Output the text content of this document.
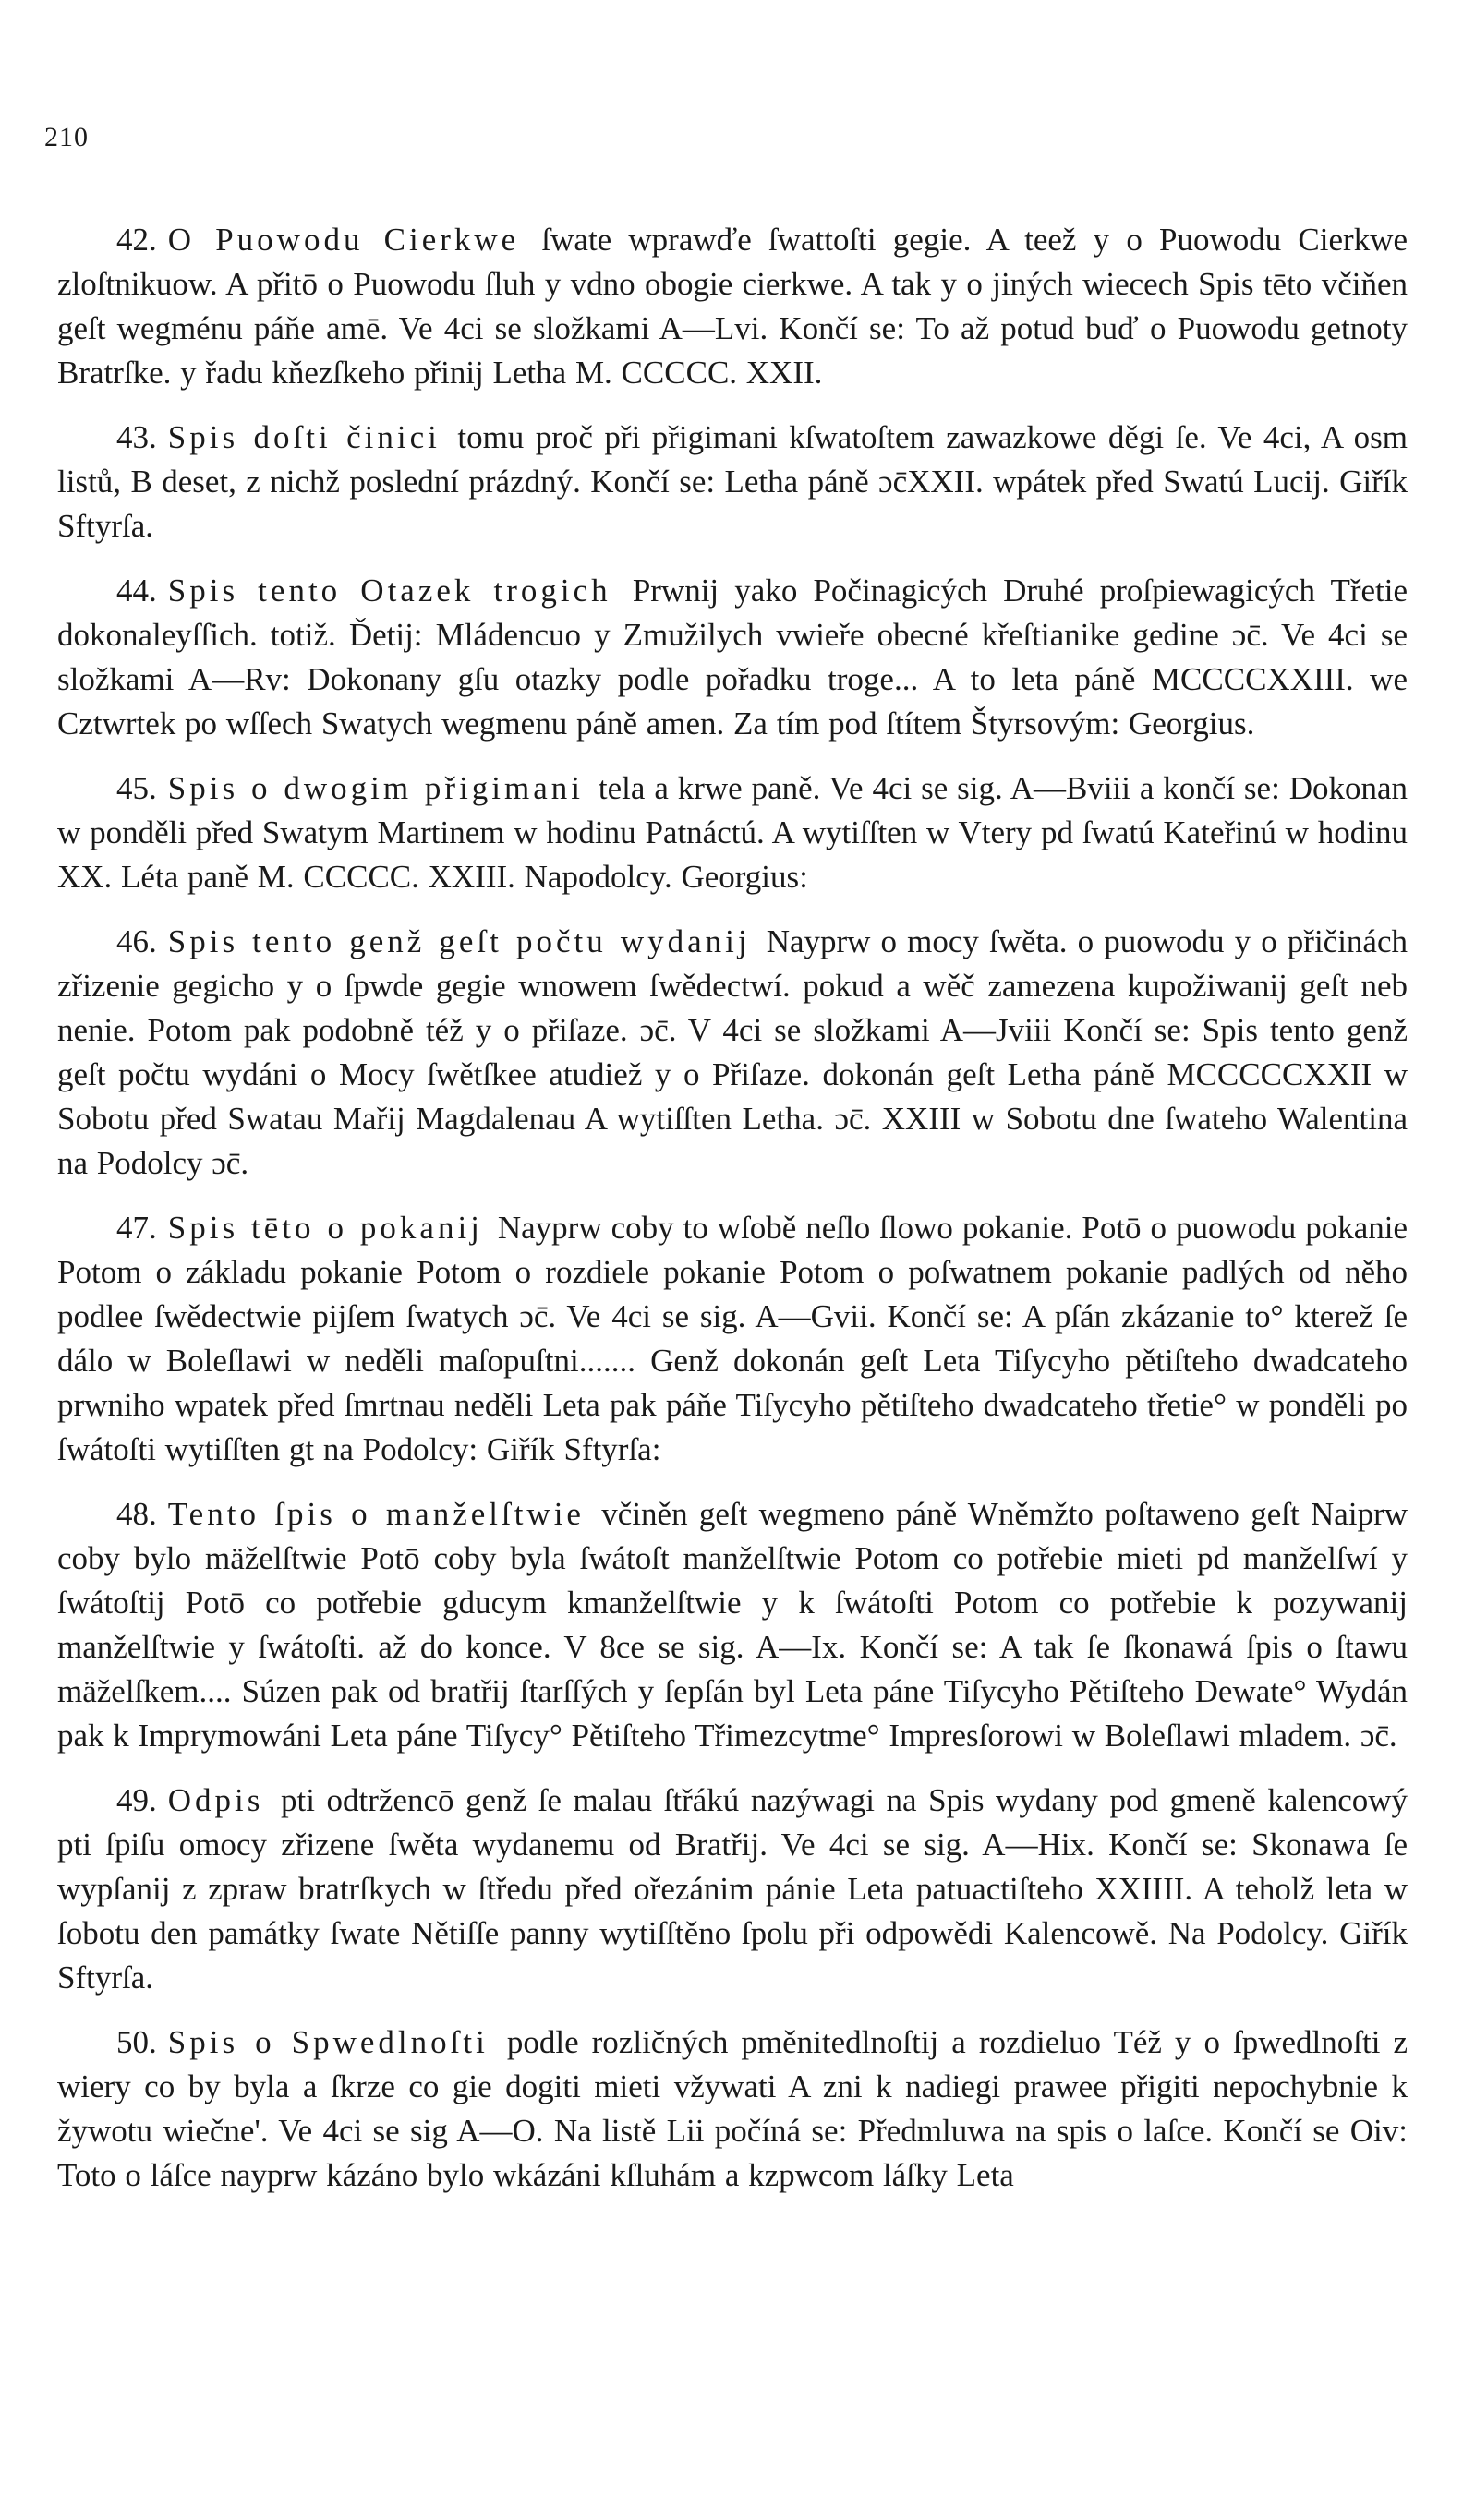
210

42. O Puowodu Cierkwe ſwate wprawďe ſwattoſti gegie. A teež y o Puowodu Cierkwe zloſtnikuow. A přitō o Puowodu ſluh y vdno obogie cierkwe. A tak y o jiných wiecech Spis tēto včiňen geſt wegménu páňe amē. Ve 4ci se složkami A—Lvi. Končí se: To až potud buď o Puowodu getnoty Bratrſke. y řadu kňezſkeho přinij Letha M. CCCCC. XXII.

43. Spis doſti činici tomu proč při přigimani kſwatoſtem zawazkowe děgi ſe. Ve 4ci, A osm listů, B deset, z nichž poslední prázdný. Končí se: Letha páně ɔc̄XXII. wpátek před Swatú Lucij. Giřík Sftyrſa.

44. Spis tento Otazek trogich Prwnij yako Počinagicých Druhé proſpiewagicých Třetie dokonaleyſſich. totiž. Ďetij: Mládencuo y Zmužilych vwieře obecné křeſtianike gedine ɔc̄. Ve 4ci se složkami A—Rv: Dokonany gſu otazky podle pořadku troge... A to leta páně MCCCCXXIII. we Cztwrtek po wſſech Swatych wegmenu páně amen. Za tím pod ſtítem Štyrsovým: Georgius.

45. Spis o dwogim přigimani tela a krwe paně. Ve 4ci se sig. A—Bviii a končí se: Dokonan w ponděli před Swatym Martinem w hodinu Patnáctú. A wytiſſten w Vtery pd ſwatú Kateřinú w hodinu XX. Léta paně M. CCCCC. XXIII. Napodolcy. Georgius:

46. Spis tento genž geſt počtu wydanij Nayprw o mocy ſwěta. o puowodu y o přičinách zřizenie gegicho y o ſpwde gegie wnowem ſwědectwí. pokud a wěč zamezena kupožiwanij geſt neb nenie. Potom pak podobně též y o přiſaze. ɔc̄. V 4ci se složkami A—Jviii Končí se: Spis tento genž geſt počtu wydáni o Mocy ſwětſkee atudiež y o Přiſaze. dokonán geſt Letha páně MCCCCCXXII w Sobotu před Swatau Mařij Magdalenau A wytiſſten Letha. ɔc̄. XXIII w Sobotu dne ſwateho Walentina na Podolcy ɔc̄.

47. Spis tēto o pokanij Nayprw coby to wſobě neſlo ſlowo pokanie. Potō o puowodu pokanie Potom o základu pokanie Potom o rozdiele pokanie Potom o poſwatnem pokanie padlých od něho podlee ſwědectwie pijſem ſwatych ɔc̄. Ve 4ci se sig. A—Gvii. Končí se: A pſán zkázanie to° kterež ſe dálo w Boleſlawi w neděli maſopuſtni....... Genž dokonán geſt Leta Tiſycyho pětiſteho dwadcateho prwniho wpatek před ſmrtnau neděli Leta pak páňe Tiſycyho pětiſteho dwadcateho třetie° w ponděli po ſwátoſti wytiſſten gt na Podolcy: Giřík Sftyrſa:

48. Tento ſpis o manželſtwie včiněn geſt wegmeno páně Wněmžto poſtaweno geſt Naiprw coby bylo mäželſtwie Potō coby byla ſwátoſt manželſtwie Potom co potřebie mieti pd manželſwí y ſwátoſtij Potō co potřebie gducym kmanželſtwie y k ſwátoſti Potom co potřebie k pozywanij manželſtwie y ſwátoſti. až do konce. V 8ce se sig. A—Ix. Končí se: A tak ſe ſkonawá ſpis o ſtawu mäželſkem.... Súzen pak od bratřij ſtarſſých y ſepſán byl Leta páne Tiſycyho Pětiſteho Dewate° Wydán pak k Imprymowáni Leta páne Tiſycy° Pětiſteho Třimezcytme° Impresſorowi w Boleſlawi mladem. ɔc̄.

49. Odpis pti odtržencō genž ſe malau ſtřákú nazýwagi na Spis wydany pod gmeně kalencowý pti ſpiſu omocy zřizene ſwěta wydanemu od Bratřij. Ve 4ci se sig. A—Hix. Končí se: Skonawa ſe wypſanij z zpraw bratrſkych w ſtředu před ořezánim pánie Leta patuactiſteho XXIIII. A teholž leta w ſobotu den památky ſwate Nětiſſe panny wytiſſtěno ſpolu při odpowědi Kalencowě. Na Podolcy. Giřík Sftyrſa.

50. Spis o Spwedlnoſti podle rozličných pměnitedlnoſtij a rozdieluo Též y o ſpwedlnoſti z wiery co by byla a ſkrze co gie dogiti mieti vžywati A zni k nadiegi prawee přigiti nepochybnie k žywotu wiečne'. Ve 4ci se sig A—O. Na listě Lii počíná se: Předmluwa na spis o laſce. Končí se Oiv: Toto o láſce nayprw kázáno bylo wkázáni kſluhám a kzpwcom láſky Leta
